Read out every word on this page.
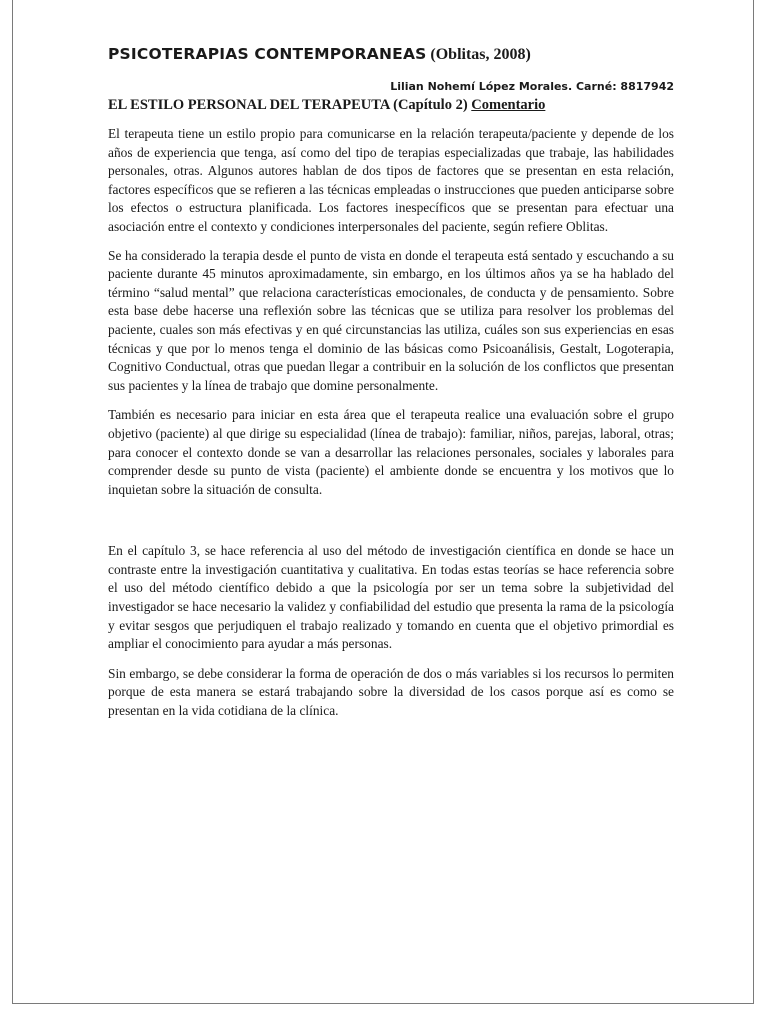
PSICOTERAPIAS CONTEMPORANEAS (Oblitas, 2008)

Lilian Nohemí López Morales. Carné: 8817942

EL ESTILO PERSONAL DEL TERAPEUTA (Capítulo 2) Comentario

El terapeuta tiene un estilo propio para comunicarse en la relación terapeuta/paciente y depende de los años de experiencia que tenga, así como del tipo de terapias especializadas que trabaje, las habilidades personales, otras. Algunos autores hablan de dos tipos de factores que se presentan en esta relación, factores específicos que se refieren a las técnicas empleadas o instrucciones que pueden anticiparse sobre los efectos o estructura planificada. Los factores inespecíficos que se presentan para efectuar una asociación entre el contexto y condiciones interpersonales del paciente, según refiere Oblitas.

Se ha considerado la terapia desde el punto de vista en donde el terapeuta está sentado y escuchando a su paciente durante 45 minutos aproximadamente, sin embargo, en los últimos años ya se ha hablado del término “salud mental” que relaciona características emocionales, de conducta y de pensamiento. Sobre esta base debe hacerse una reflexión sobre las técnicas que se utiliza para resolver los problemas del paciente, cuales son más efectivas y en qué circunstancias las utiliza, cuáles son sus experiencias en esas técnicas y que por lo menos tenga el dominio de las básicas como Psicoanálisis, Gestalt, Logoterapia, Cognitivo Conductual, otras que puedan llegar a contribuir en la solución de los conflictos que presentan sus pacientes y la línea de trabajo que domine personalmente.

También es necesario para iniciar en esta área que el terapeuta realice una evaluación sobre el grupo objetivo (paciente) al que dirige su especialidad (línea de trabajo): familiar, niños, parejas, laboral, otras; para conocer el contexto donde se van a desarrollar las relaciones personales, sociales y laborales para comprender desde su punto de vista (paciente) el ambiente donde se encuentra y los motivos que lo inquietan sobre la situación de consulta.

En el capítulo 3, se hace referencia al uso del método de investigación científica en donde se hace un contraste entre la investigación cuantitativa y cualitativa. En todas estas teorías se hace referencia sobre el uso del método científico debido a que la psicología por ser un tema sobre la subjetividad del investigador se hace necesario la validez y confiabilidad del estudio que presenta la rama de la psicología y evitar sesgos que perjudiquen el trabajo realizado y tomando en cuenta que el objetivo primordial es ampliar el conocimiento para ayudar a más personas.

Sin embargo, se debe considerar la forma de operación de dos o más variables si los recursos lo permiten porque de esta manera se estará trabajando sobre la diversidad de los casos porque así es como se presentan en la vida cotidiana de la clínica.
